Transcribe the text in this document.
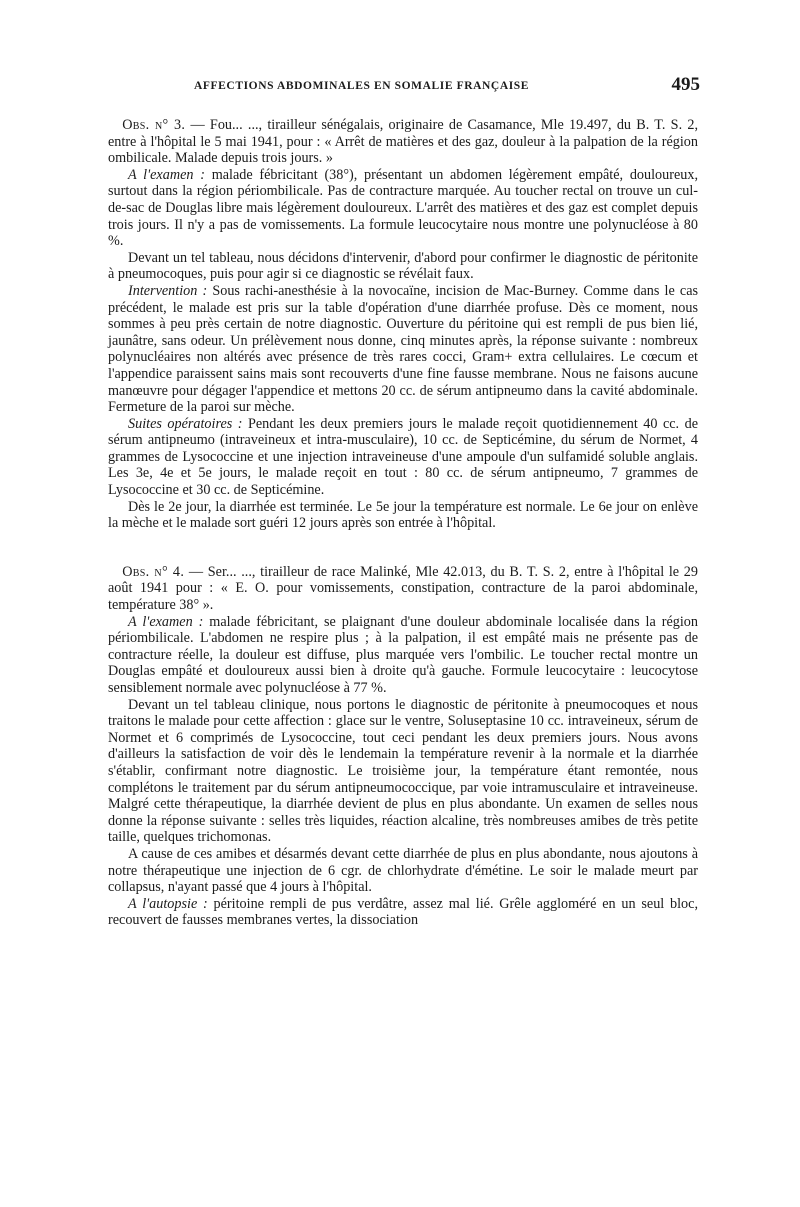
AFFECTIONS ABDOMINALES EN SOMALIE FRANÇAISE	495

 Obs. n° 3. — Fou... ..., tirailleur sénégalais, originaire de Casamance, Mle 19.497, du B. T. S. 2, entre à l'hôpital le 5 mai 1941, pour : « Arrêt de matières et des gaz, douleur à la palpation de la région ombilicale. Malade depuis trois jours. »

A l'examen : malade fébricitant (38°), présentant un abdomen légèrement empâté, douloureux, surtout dans la région périombilicale. Pas de contracture marquée. Au toucher rectal on trouve un cul-de-sac de Douglas libre mais légèrement douloureux. L'arrêt des matières et des gaz est complet depuis trois jours. Il n'y a pas de vomissements. La formule leucocytaire nous montre une polynucléose à 80 %.

Devant un tel tableau, nous décidons d'intervenir, d'abord pour confirmer le diagnostic de péritonite à pneumocoques, puis pour agir si ce diagnostic se révélait faux.

Intervention : Sous rachi-anesthésie à la novocaïne, incision de Mac-Burney. Comme dans le cas précédent, le malade est pris sur la table d'opération d'une diarrhée profuse. Dès ce moment, nous sommes à peu près certain de notre diagnostic. Ouverture du péritoine qui est rempli de pus bien lié, jaunâtre, sans odeur. Un prélèvement nous donne, cinq minutes après, la réponse suivante : nombreux polynucléaires non altérés avec présence de très rares cocci, Gram+ extra cellulaires. Le cœcum et l'appendice paraissent sains mais sont recouverts d'une fine fausse membrane. Nous ne faisons aucune manœuvre pour dégager l'appendice et mettons 20 cc. de sérum antipneumo dans la cavité abdominale. Fermeture de la paroi sur mèche.

Suites opératoires : Pendant les deux premiers jours le malade reçoit quotidiennement 40 cc. de sérum antipneumo (intraveineux et intra-musculaire), 10 cc. de Septicémine, du sérum de Normet, 4 grammes de Lysococcine et une injection intraveineuse d'une ampoule d'un sulfamidé soluble anglais. Les 3e, 4e et 5e jours, le malade reçoit en tout : 80 cc. de sérum antipneumo, 7 grammes de Lysococcine et 30 cc. de Septicémine.

Dès le 2e jour, la diarrhée est terminée. Le 5e jour la température est normale. Le 6e jour on enlève la mèche et le malade sort guéri 12 jours après son entrée à l'hôpital.

 Obs. n° 4. — Ser... ..., tirailleur de race Malinké, Mle 42.013, du B. T. S. 2, entre à l'hôpital le 29 août 1941 pour : « E. O. pour vomissements, constipation, contracture de la paroi abdominale, température 38° ».

A l'examen : malade fébricitant, se plaignant d'une douleur abdominale localisée dans la région périombilicale. L'abdomen ne respire plus ; à la palpation, il est empâté mais ne présente pas de contracture réelle, la douleur est diffuse, plus marquée vers l'ombilic. Le toucher rectal montre un Douglas empâté et douloureux aussi bien à droite qu'à gauche. Formule leucocytaire : leucocytose sensiblement normale avec polynucléose à 77 %.

Devant un tel tableau clinique, nous portons le diagnostic de péritonite à pneumocoques et nous traitons le malade pour cette affection : glace sur le ventre, Soluseptasine 10 cc. intraveineux, sérum de Normet et 6 comprimés de Lysococcine, tout ceci pendant les deux premiers jours. Nous avons d'ailleurs la satisfaction de voir dès le lendemain la température revenir à la normale et la diarrhée s'établir, confirmant notre diagnostic. Le troisième jour, la température étant remontée, nous complétons le traitement par du sérum antipneumococcique, par voie intramusculaire et intraveineuse. Malgré cette thérapeutique, la diarrhée devient de plus en plus abondante. Un examen de selles nous donne la réponse suivante : selles très liquides, réaction alcaline, très nombreuses amibes de très petite taille, quelques trichomonas.

A cause de ces amibes et désarmés devant cette diarrhée de plus en plus abondante, nous ajoutons à notre thérapeutique une injection de 6 cgr. de chlorhydrate d'émétine. Le soir le malade meurt par collapsus, n'ayant passé que 4 jours à l'hôpital.

A l'autopsie : péritoine rempli de pus verdâtre, assez mal lié. Grêle aggloméré en un seul bloc, recouvert de fausses membranes vertes, la dissociation
